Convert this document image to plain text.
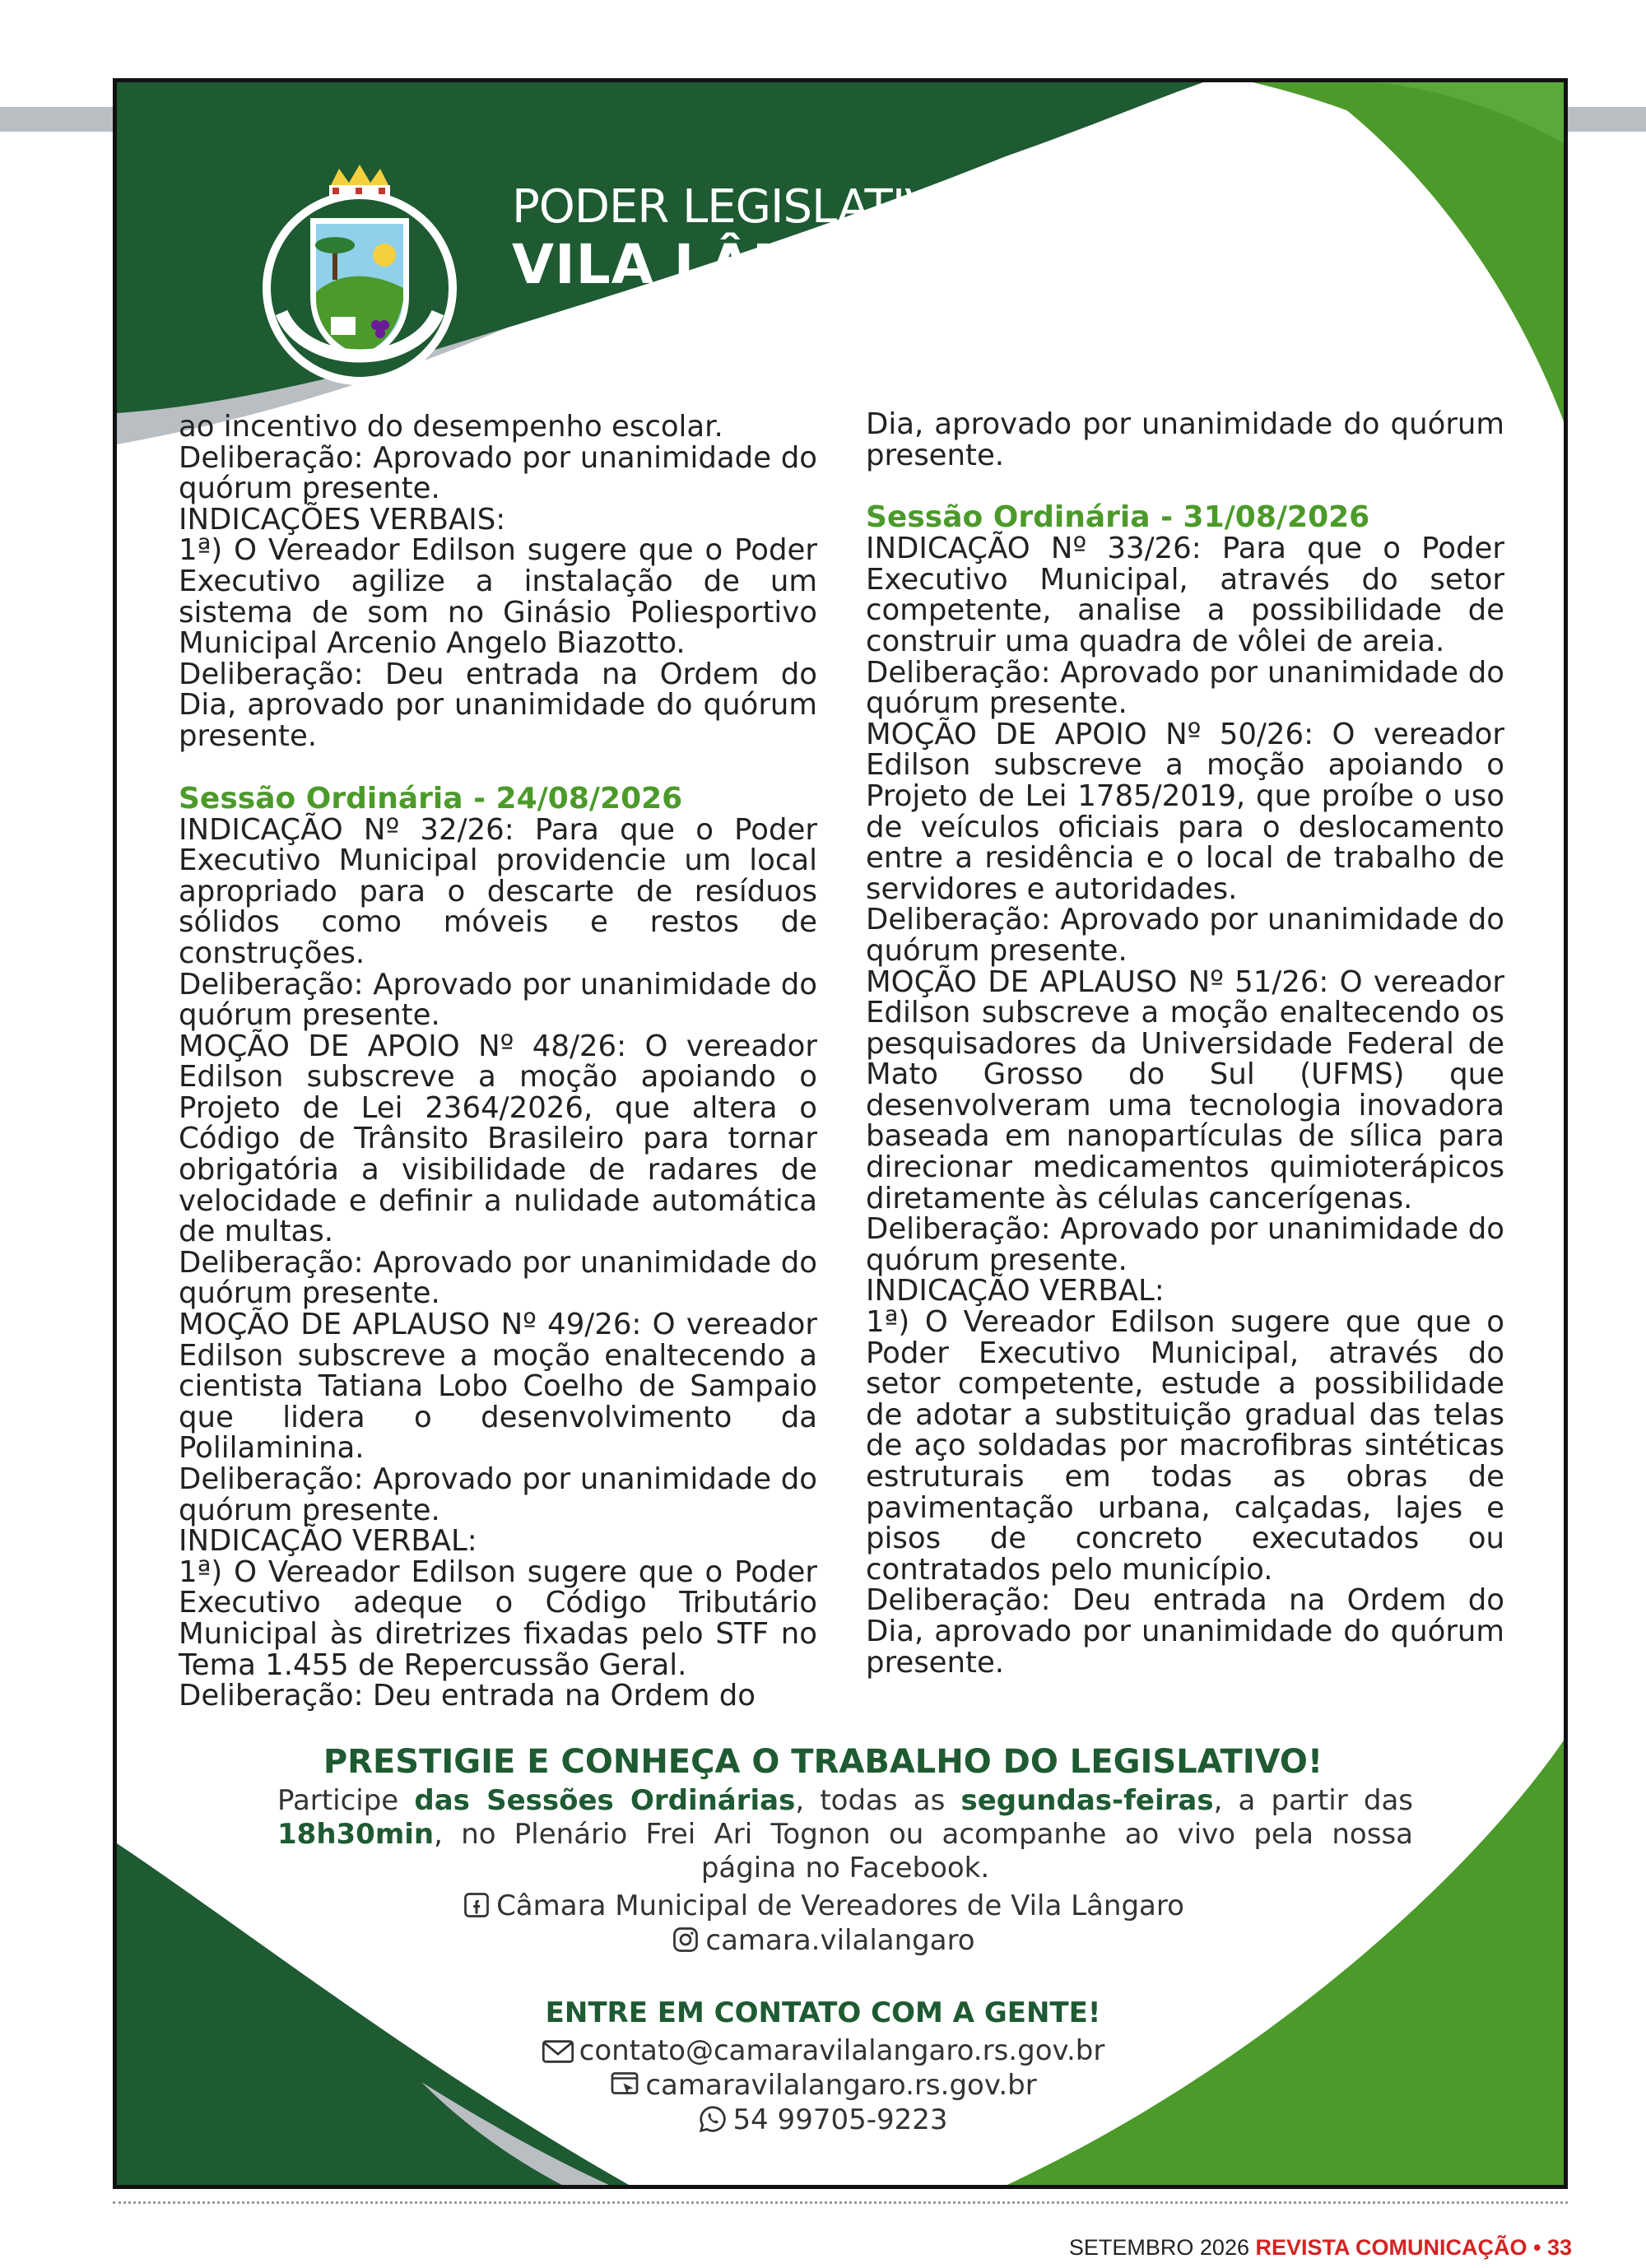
PODER LEGISLATIVO
VILA LÂNGARO

ao incentivo do desempenho escolar.

Deliberação: Aprovado por unanimidade do quórum presente.

INDICAÇÕES VERBAIS:

1ª) O Vereador Edilson sugere que o Poder Executivo agilize a instalação de um sistema de som no Ginásio Poliesportivo Municipal Arcenio Angelo Biazotto.

Deliberação: Deu entrada na Ordem do Dia, aprovado por unanimidade do quórum presente.

Sessão Ordinária - 24/08/2026

INDICAÇÃO Nº 32/26: Para que o Poder Executivo Municipal providencie um local apropriado para o descarte de resíduos sólidos como móveis e restos de construções.

Deliberação: Aprovado por unanimidade do quórum presente.

MOÇÃO DE APOIO Nº 48/26: O vereador Edilson subscreve a moção apoiando o Projeto de Lei 2364/2026, que altera o Código de Trânsito Brasileiro para tornar obrigatória a visibilidade de radares de velocidade e definir a nulidade automática de multas.

Deliberação: Aprovado por unanimidade do quórum presente.

MOÇÃO DE APLAUSO Nº 49/26: O vereador Edilson subscreve a moção enaltecendo a cientista Tatiana Lobo Coelho de Sampaio que lidera o desenvolvimento da Polilaminina.

Deliberação: Aprovado por unanimidade do quórum presente.

INDICAÇÃO VERBAL:

1ª) O Vereador Edilson sugere que o Poder Executivo adeque o Código Tributário Municipal às diretrizes fixadas pelo STF no Tema 1.455 de Repercussão Geral.

Deliberação: Deu entrada na Ordem do

Dia, aprovado por unanimidade do quórum presente.

Sessão Ordinária - 31/08/2026

INDICAÇÃO Nº 33/26: Para que o Poder Executivo Municipal, através do setor competente, analise a possibilidade de construir uma quadra de vôlei de areia.

Deliberação: Aprovado por unanimidade do quórum presente.

MOÇÃO DE APOIO Nº 50/26: O vereador Edilson subscreve a moção apoiando o Projeto de Lei 1785/2019, que proíbe o uso de veículos oficiais para o deslocamento entre a residência e o local de trabalho de servidores e autoridades.

Deliberação: Aprovado por unanimidade do quórum presente.

MOÇÃO DE APLAUSO Nº 51/26: O vereador Edilson subscreve a moção enaltecendo os pesquisadores da Universidade Federal de Mato Grosso do Sul (UFMS) que desenvolveram uma tecnologia inovadora baseada em nanopartículas de sílica para direcionar medicamentos quimioterápicos diretamente às células cancerígenas.

Deliberação: Aprovado por unanimidade do quórum presente.

INDICAÇÃO VERBAL:

1ª) O Vereador Edilson sugere que que o Poder Executivo Municipal, através do setor competente, estude a possibilidade de adotar a substituição gradual das telas de aço soldadas por macrofibras sintéticas estruturais em todas as obras de pavimentação urbana, calçadas, lajes e pisos de concreto executados ou contratados pelo município.

Deliberação: Deu entrada na Ordem do Dia, aprovado por unanimidade do quórum presente.

PRESTIGIE E CONHEÇA O TRABALHO DO LEGISLATIVO!
Participe das Sessões Ordinárias, todas as segundas-feiras, a partir das 18h30min, no Plenário Frei Ari Tognon ou acompanhe ao vivo pela nossa página no Facebook.
Câmara Municipal de Vereadores de Vila Lângaro
camara.vilalangaro
ENTRE EM CONTATO COM A GENTE!
contato@camaravilalangaro.rs.gov.br
camaravilalangaro.rs.gov.br
54 99705-9223
SETEMBRO 2026 REVISTA COMUNICAÇÃO • 33
